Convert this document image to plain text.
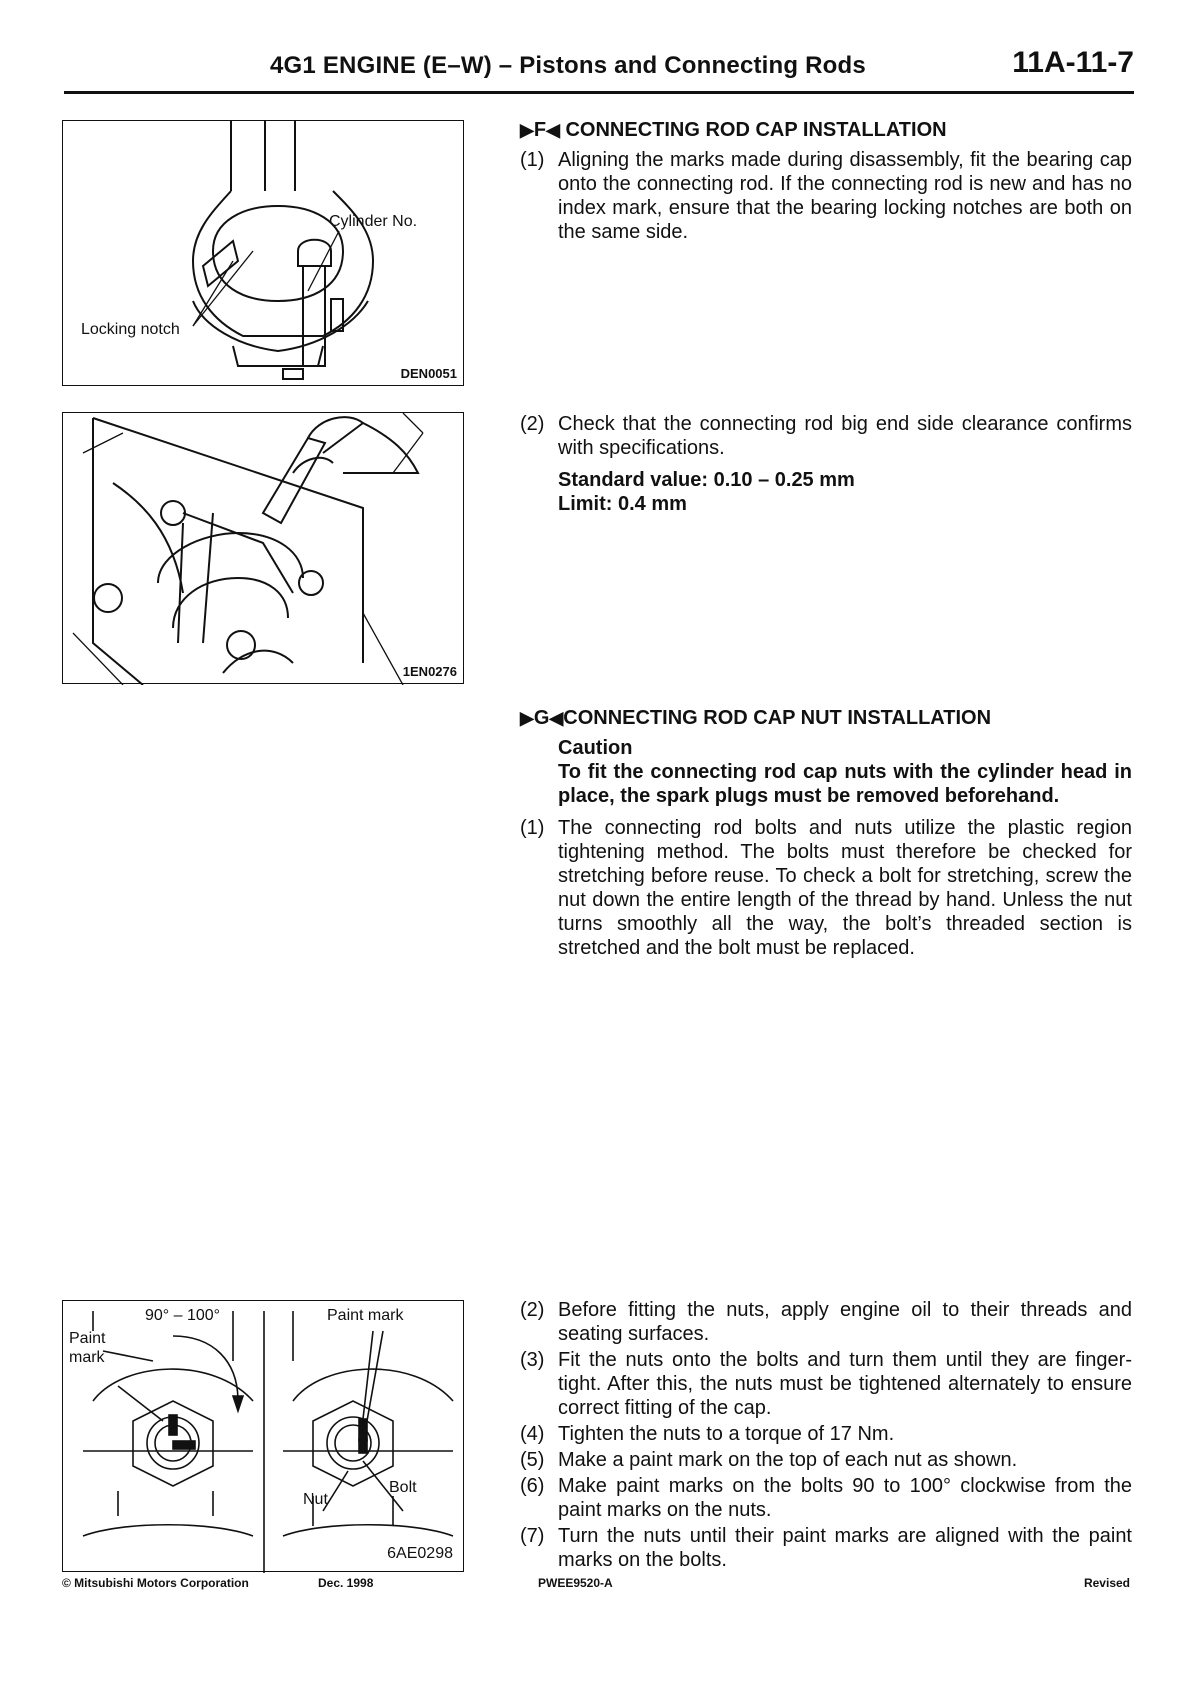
4G1 ENGINE (E–W) – Pistons and Connecting Rods	11A-11-7
Cylinder No.
Locking notch
DEN0051
1EN0276
90° – 100°
Paint
mark
Paint mark
Nut
Bolt
6AE0298
▶F◀ CONNECTING ROD CAP INSTALLATION
(1) Aligning the marks made during disassembly, fit the bearing cap onto the connecting rod. If the connecting rod is new and has no index mark, ensure that the bearing locking notches are both on the same side.
(2) Check that the connecting rod big end side clearance confirms with specifications.
Standard value: 0.10 – 0.25 mm
Limit: 0.4 mm
▶G◀CONNECTING ROD CAP NUT INSTALLATION
Caution
To fit the connecting rod cap nuts with the cylinder head in place, the spark plugs must be removed beforehand.
(1) The connecting rod bolts and nuts utilize the plastic region tightening method. The bolts must therefore be checked for stretching before reuse. To check a bolt for stretching, screw the nut down the entire length of the thread by hand. Unless the nut turns smoothly all the way, the bolt’s threaded section is stretched and the bolt must be replaced.
(2) Before fitting the nuts, apply engine oil to their threads and seating surfaces.
(3) Fit the nuts onto the bolts and turn them until they are finger-tight. After this, the nuts must be tightened alternately to ensure correct fitting of the cap.
(4) Tighten the nuts to a torque of 17 Nm.
(5) Make a paint mark on the top of each nut as shown.
(6) Make paint marks on the bolts 90 to 100° clockwise from the paint marks on the nuts.
(7) Turn the nuts until their paint marks are aligned with the paint marks on the bolts.
© Mitsubishi Motors Corporation	Dec. 1998	PWEE9520-A	Revised
